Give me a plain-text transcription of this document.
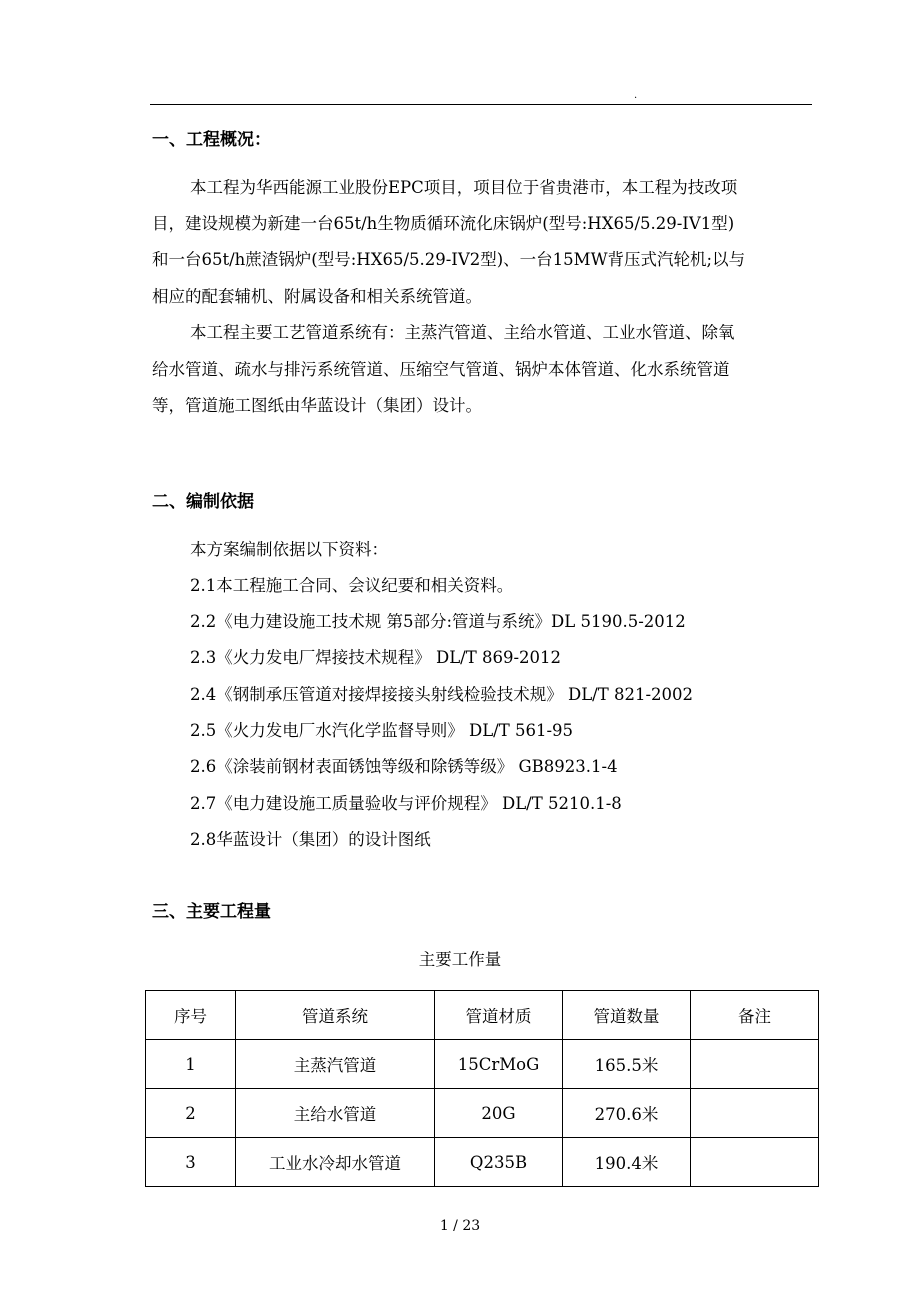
.
一、工程概况：
本工程为华西能源工业股份EPC项目，项目位于省贵港市，本工程为技改项
目，建设规模为新建一台65t/h生物质循环流化床锅炉(型号:HX65/5.29-IV1型)
和一台65t/h蔗渣锅炉(型号:HX65/5.29-IV2型)、一台15MW背压式汽轮机;以与
相应的配套辅机、附属设备和相关系统管道。
本工程主要工艺管道系统有：主蒸汽管道、主给水管道、工业水管道、除氧
给水管道、疏水与排污系统管道、压缩空气管道、锅炉本体管道、化水系统管道
等，管道施工图纸由华蓝设计（集团）设计。
二、编制依据
本方案编制依据以下资料：
2.1本工程施工合同、会议纪要和相关资料。
2.2《电力建设施工技术规 第5部分:管道与系统》DL 5190.5-2012
2.3《火力发电厂焊接技术规程》 DL/T 869-2012
2.4《钢制承压管道对接焊接接头射线检验技术规》 DL/T 821-2002
2.5《火力发电厂水汽化学监督导则》 DL/T 561-95
2.6《涂装前钢材表面锈蚀等级和除锈等级》 GB8923.1-4
2.7《电力建设施工质量验收与评价规程》 DL/T 5210.1-8
2.8华蓝设计（集团）的设计图纸
三、主要工程量
主要工作量
序号	管道系统	管道材质	管道数量	备注
1	主蒸汽管道	15CrMoG	165.5米	
2	主给水管道	20G	270.6米	
3	工业水冷却水管道	Q235B	190.4米	
1 / 23
